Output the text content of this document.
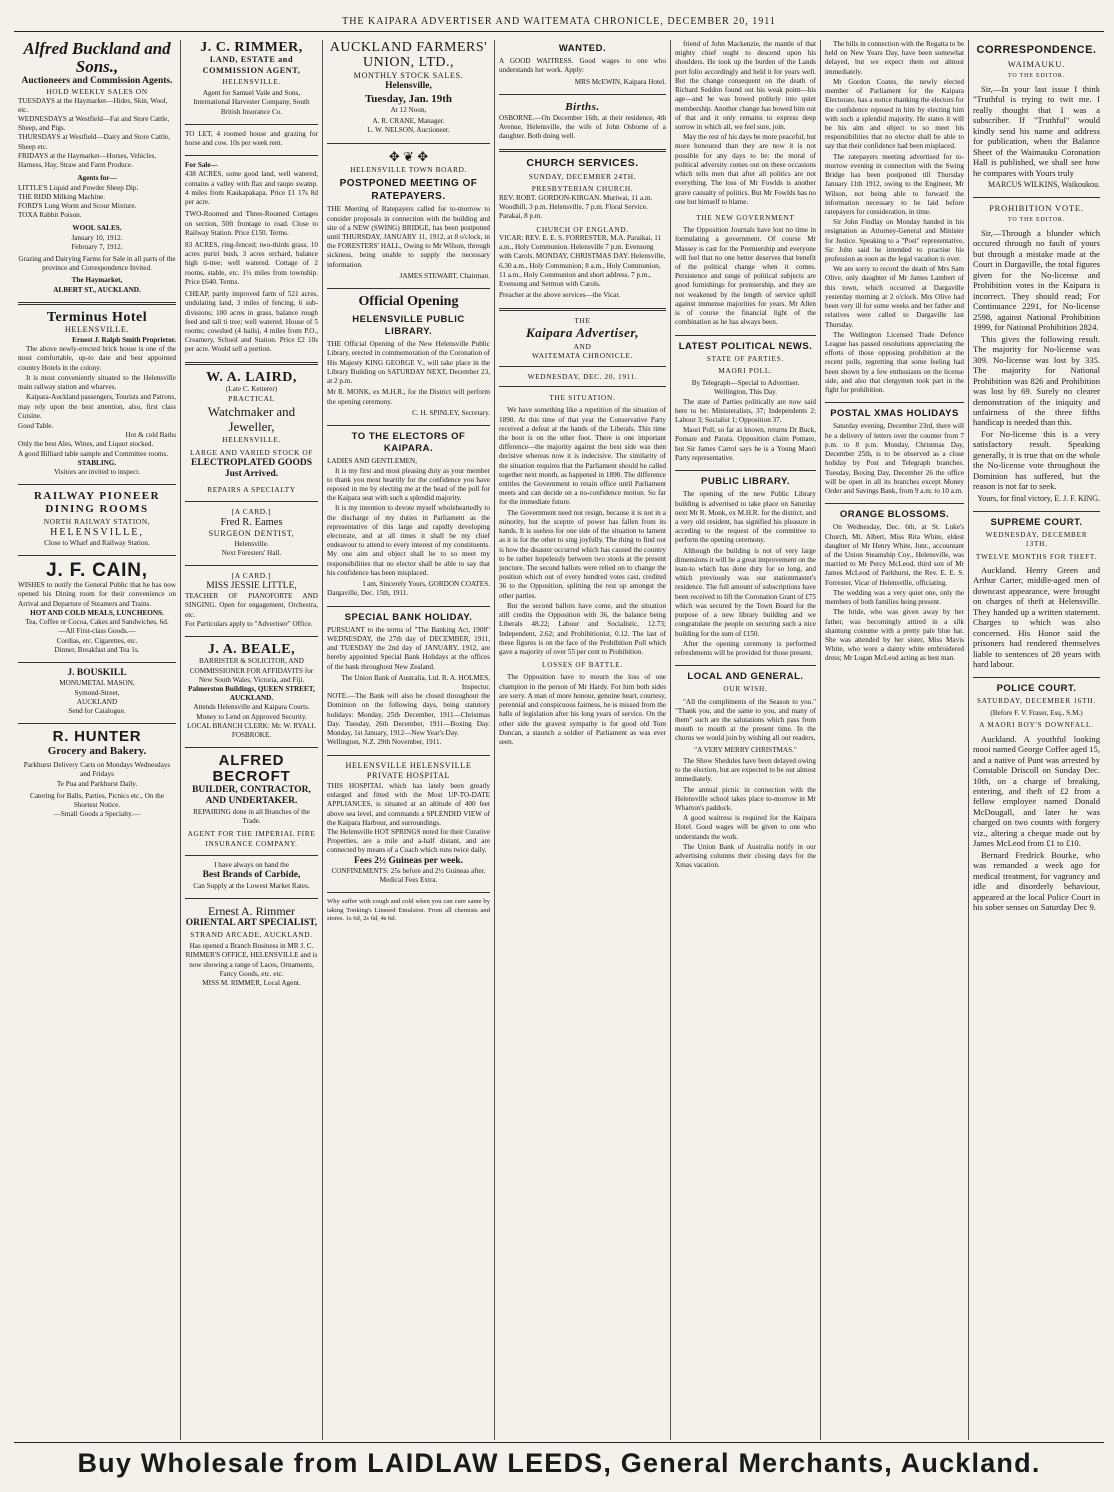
THE KAIPARA ADVERTISER AND WAITEMATA CHRONICLE, DECEMBER 20, 1911
Alfred Buckland and Sons.,
Auctioneers and Commission Agents.
HOLD WEEKLY SALES ON
TUESDAYS at the Haymarket—Hides, Skin, Wool, etc.
WEDNESDAYS at Westfield—Fat and Store Cattle, Sheep, and Pigs.
THURSDAYS at Westfield—Dairy and Store Cattle, Sheep etc.
FRIDAYS at the Haymarket—Horses, Vehicles, Harness, Hay, Straw and Farm Produce.
Agents for—
LITTLE'S Liquid and Powder Sheep Dip.
THE RIDD Milking Machine.
FORD'S Lung Worm and Scour Mixture.
TOXA Rabbit Poison.
WOOL SALES.
January 10, 1912.
February 7, 1912.
Grazing and Dairying Farms for Sale in all parts of the province and Correspondence Invited.
The Haymarket,
ALBERT ST., AUCKLAND.
Terminus Hotel
HELENSVILLE.
Ernest J. Ralph Smith Proprietor.

The above newly-erected brick house is one of the most comfortable, up-to date and best appointed country Hotels in the colony.

It is most conveniently situated to the Helensville main railway station and wharves.

Kaipara-Auckland passengers, Tourists and Patrons, may rely upon the best attention, also, first class Cuisine.

Good Table.
Hot & cold Baths
Only the best Ales, Wines, and Liquor stocked.
A good Billiard table sample and Committee rooms.
STABLING.
Visitors are invited to inspect.
RAILWAY PIONEER DINING ROOMS
NORTH RAILWAY STATION,
HELENSVILLE,
Close to Wharf and Railway Station.
J. F. CAIN,
WISHES to notify the General Public that he has now opened his Dining room for their convenience on Arrival and Departure of Steamers and Trains.
HOT AND COLD MEALS, LUNCHEONS.
Tea, Coffee or Cocoa, Cakes and Sandwiches, 6d.
—All First-class Goods.—
Cordias, etc. Cigarettes, etc.
Dinner, Breakfast and Tea 1s.
J. BOUSKILL
MONUMETAL MASON,
Symond-Street,
AUCKLAND
Send for Catalogue.
R. HUNTER
Grocery and Bakery.
Parkhurst Delivery Carts on Mondays Wednesdays and Fridays
Te Pua and Parkhurst Daily.
Catering for Balls, Parties, Picnics etc., On the Shortest Notice.
—Small Goods a Specialty.—
J. C. RIMMER,
LAND, ESTATE and COMMISSION AGENT,
HELENSVILLE.
Agent for Samuel Vaile and Sons, International Harvester Company, South British Insurance Co.
TO LET, 4 roomed house and grazing for horse and cow. 10s per week rent.
For Sale—
438 ACRES, some good land, well watered, contains a valley with flax and raupo swamp. 4 miles from Kaukapakapa. Price £1 17s 8d per acre.
TWO-Roomed and Three-Roomed Cottages on section, 50ft frontage to road. Close to Railway Station. Price £150. Terms.
83 ACRES, ring-fenced; two-thirds grass. 10 acres puriri bush, 3 acres orchard, balance high ti-tree; well watered. Cottage of 2 rooms, stable, etc. 1½ miles from township. Price £640. Terms.
CHEAP, partly improved farm of 521 acres, undulating land, 3 miles of fencing, 6 sub-divisions; 100 acres in grass, balance rough feed and tall ti tree; well watered. House of 5 rooms; cowshed (4 bails), 4 miles from P.O., Creamery, School and Station. Price £2 10s per acre. Would sell a portion.
W. A. LAIRD,
(Late C. Ketterer)
PRACTICAL
Watchmaker and Jeweller,
HELENSVILLE.
LARGE AND VARIED STOCK OF
ELECTROPLATED GOODS Just Arrived.
REPAIRS A SPECIALTY
[A CARD.]
Fred R. Eames
SURGEON DENTIST,
Helensville.
Next Foresters' Hall.
[A CARD.]
MISS JESSIE LITTLE,
TEACHER OF PIANOFORTE AND SINGING. Open for engagement, Orchestra, etc.
For Particulars apply to "Advertiser" Office.
J. A. BEALE,
BARRISTER & SOLICITOR, AND COMMISSIONER FOR AFFIDAVITS for New South Wales, Victoria, and Fiji.
Palmerston Buildings, QUEEN STREET, AUCKLAND.
Attends Helensville and Kaipara Courts.
Money to Lend on Approved Security.
LOCAL BRANCH CLERK: Mr. W. RYALL FOSBROKE.
ALFRED BECROFT
BUILDER, CONTRACTOR, AND UNDERTAKER.
REPAIRING done in all Branches of the Trade.
AGENT FOR THE IMPERIAL FIRE INSURANCE COMPANY.
I have always on hand the
Best Brands of Carbide,
Can Supply at the Lowest Market Rates.
Ernest A. Rimmer
ORIENTAL ART SPECIALIST,
STRAND ARCADE, AUCKLAND.
Has opened a Branch Business in MR J. C. RIMMER'S OFFICE, HELENSVILLE and is now showing a range of Laces, Ornaments, Fancy Goods, etc. etc.
MISS M. RIMMER, Local Agent.
AUCKLAND FARMERS' UNION, LTD.,
MONTHLY STOCK SALES.
Helensville,
Tuesday, Jan. 19th
At 12 Noon,
A. R. CRANE, Manager.
L. W. NELSON, Auctioneer.
✥ ❦ ✥
HELENSVILLE TOWN BOARD.
POSTPONED MEETING OF RATEPAYERS.
THE Meeting of Ratepayers called for to-morrow to consider proposals in connection with the building and site of a NEW (SWING) BRIDGE, has been postponed until THURSDAY, JANUARY 11, 1912, at 8 o'clock, in the FORESTERS' HALL, Owing to Mr Wilson, through sickness, being unable to supply the necessary information.
JAMES STEWART, Chairman.
Official Opening
HELENSVILLE PUBLIC LIBRARY.
THE Official Opening of the New Helensville Public Library, erected in commemoration of the Coronation of His Majesty KING GEORGE V., will take place in the Library Building on SATURDAY NEXT, December 23, at 2 p.m.
Mr R. MONK, ex M.H.R., for the District will perform the opening ceremony.
C. H. SPINLEY, Secretary.
TO THE ELECTORS OF KAIPARA.
LADIES AND GENTLEMEN,

It is my first and most pleasing duty as your member to thank you most heartily for the confidence you have reposed in me by electing me at the head of the poll for the Kaipara seat with such a splendid majority.

It is my intention to devote myself wholeheartedly to the discharge of my duties in Parliament as the representative of this large and rapidly developing electorate, and at all times it shall be my chief endeavour to attend to every interest of my constituents. My one aim and object shall be to so meet my responsibilities that no elector shall be able to say that his confidence has been misplaced.

I am, Sincerely Yours, GORDON COATES.
Dargaville, Dec. 15th, 1911.
SPECIAL BANK HOLIDAY.
PURSUANT to the terms of "The Banking Act, 1908" WEDNESDAY, the 27th day of DECEMBER, 1911, and TUESDAY the 2nd day of JANUARY, 1912, are hereby appointed Special Bank Holidays at the offices of the bank throughout New Zealand.
The Union Bank of Australia, Ltd. R. A. HOLMES, Inspector.
NOTE.—The Bank will also be closed throughout the Dominion on the following days, being statutory holidays: Monday, 25th December, 1911—Christmas Day. Tuesday, 26th December, 1911—Boxing Day. Monday, 1st January, 1912—New Year's Day.
Wellington, N.Z. 29th November, 1911.
HELENSVILLE HELENSVILLE PRIVATE HOSPITAL
THIS HOSPITAL which has lately been greatly enlarged and fitted with the Most UP-TO-DATE APPLIANCES, is situated at an altitude of 400 feet above sea level, and commands a SPLENDID VIEW of the Kaipara Harbour, and surroundings.
The Helensville HOT SPRINGS noted for their Curative Properties, are a mile and a-half distant, and are connected by means of a Coach which runs twice daily.
Fees 2½ Guineas per week.
CONFINEMENTS: 25s before and 2½ Guineas after.
Medical Fees Extra.
Why suffer with cough and cold when you can cure same by taking Tonking's Linseed Emulsion. From all chemists and stores. 1s 6d, 2s 6d, 4s 6d.
WANTED.
A GOOD WAITRESS. Good wages to one who understands her work. Apply:
MRS McEWIN, Kaipara Hotel.
Births.
OSBORNE.—On December 16th, at their residence, 4th Avenue, Helensville, the wife of John Osborne of a daughter. Both doing well.
CHURCH SERVICES.
SUNDAY, DECEMBER 24TH.
PRESBYTERIAN CHURCH.
REV. ROBT. GORDON-KIRGAN. Muriwai, 11 a.m. Woodhill, 3 p.m. Helensville, 7 p.m. Floral Service. Parakai, 8 p.m.
CHURCH OF ENGLAND.
VICAR: REV. E. E. S. FORRESTER, M.A. Paraikai, 11 a.m., Holy Communion. Helensville 7 p.m. Evensong with Carols. MONDAY, CHRISTMAS DAY. Helensville, 6.30 a.m., Holy Communion; 8 a.m., Holy Communion, 11 a.m., Holy Communion and short address. 7 p.m., Evensong and Sermon with Carols.
Preacher at the above services—the Vicar.
THE
Kaipara Advertiser,
AND
WAITEMATA CHRONICLE.
WEDNESDAY, DEC. 20, 1911.
THE SITUATION.

We have something like a repetition of the situation of 1890. At this time of that year the Conservative Party received a defeat at the hands of the Liberals. This time the boot is on the other foot. There is one important difference—the majority against the best side was then decisive whereas now it is indecisive. The similarity of the situation requires that the Parliament should be called together next month, as happened in 1890. The difference entitles the Government to retain office until Parliament meets and can decide on a no-confidence motion. So far for the immediate future.

The Government need not resign, because it is not in a minority, but the sceptre of power has fallen from its hands. It is useless for one side of the situation to lament as it is for the other to sing joyfully. The thing to find out is how the disaster occurred which has caused the country to be rather hopelessly between two stools at the present juncture. The second ballots were relied on to change the position which out of every hundred votes cast, credited 36 to the Opposition, splitting the rest up amongst the other parties.

But the second ballots have come, and the situation still credits the Opposition with 36, the balance being Liberals 48.22; Labour and Socialistic, 12.73; Independent, 2.62; and Prohibitionist, 0.12. The last of these figures is on the face of the Prohibition Poll which gave a majority of over 55 per cent to Prohibition.

LOSSES OF BATTLE.

The Opposition have to mourn the loss of one champion in the person of Mr Hardy. For him both sides are sorry. A man of more honour, genuine heart, courtesy, perennial and conspicuous fairness, he is missed from the halls of legislation after his long years of service. On the other side the gravest sympathy is for good old Tom Duncan, a staunch a soldier of Parliament as was ever seen.

friend of John Mackenzie, the mantle of that mighty chief ought to descend upon his shoulders. He took up the burden of the Lands port folio accordingly and held it for years well. But the change consequent on the death of Richard Seddon found out his weak point—his age—and he was bowed politely into quiet membership. Another change has bowed him out of that and it only remains to express deep sorrow in which all, we feel sure, join.

May the rest of his days be more peaceful, but more honoured than they are now it is not possible for any days to be: the moral of political adversity comes out on these occasions which tells men that after all politics are not everything. The loss of Mr Fowlds is another grave casualty of politics. But Mr Fowlds has no one but himself to blame.

THE NEW GOVERNMENT

The Opposition Journals have lost no time in formulating a government. Of course Mr Massey is cast for the Premiership and everyone will feel that no one better deserves that benefit of the political change when it comes. Persistence and range of political subjects are good furnishings for premiership, and they are not weakened by the length of service uphill against immense majorities for years. Mr Allen is of course the financial light of the combination as he has always been.

LATEST POLITICAL NEWS.
STATE OF PARTIES.
MAORI POLL.
By Telegraph—Special to Advertiser. Wellington, This Day.

The state of Parties politically are now said here to be: Ministeralists, 37; Independents 2; Labour 3; Socialist 1; Opposition 37.

Maori Poll, so far as known, returns Dr Buck, Pomare and Parata. Opposition claim Pomare, but Sir James Carrol says he is a Young Maori Party representative.

PUBLIC LIBRARY.

The opening of the new Public Library building is advertised to take place on Saturday next Mr R. Monk, ex M.H.R. for the district, and a very old resident, has signified his pleasure in acceding to the request of the committee to perform the opening ceremony.

Although the building is not of very large dimensions it will be a great improvement on the lean-to which has done duty for so long, and which previously was our stationmaster's residence. The full amount of subscriptions have been received to lift the Coronation Grant of £75 which was secured by the Town Board for the purpose of a new library building and we congratulate the people on securing such a nice building for the sum of £150.

After the opening ceremony is performed refreshments will be provided for those present.

LOCAL AND GENERAL.
OUR WISH.

"All the compliments of the Season to you." "Thank you, and the same to you, and many of them" such are the salutations which pass from mouth to mouth at the present time. In the chorus we would join by wishing all our readers,

"A VERY MERRY CHRISTMAS."

The Show Shedules have been delayed owing to the election, but are expected to be out almost immediately.

The annual picnic in connection with the Helensville school takes place to-morrow in Mr Wharton's paddock.

A good waitress is required for the Kaipara Hotel. Good wages will be given to one who understands the work.

The Union Bank of Australia notify in our advertising columns their closing days for the Xmas vacation.

The bills in connection with the Regatta to be held on New Years Day, have been somewhat delayed, but we expect them out almost immediately.

Mr Gordon Coates, the newly elected member of Parliament for the Kaipara Electorate, has a notice thanking the electors for the confidence reposed in him by electing him with such a splendid majority. He states it will be his aim and object to so meet his responsibilities that no elector shall be able to say that their confidence had been misplaced.

The ratepayers meeting advertised for to-morrow evening in connection with the Swing Bridge has been postponed till Thursday January 11th 1912, owing to the Engineer, Mr Wilson, not being able to forward the information necessary to be laid before ratepayers for consideration, in time.

Sir John Findlay on Monday handed in his resignation as Attorney-General and Minister for Justice. Speaking to a "Post" representative, Sir John said he intended to practise his profession as soon as the legal vacation is over.

We are sorry to record the death of Mrs Sam Olive, only daughter of Mr James Lambert of this town, which occurred at Dargaville yesterday morning at 2 o'clock. Mrs Olive had been very ill for some weeks and her father and relatives were called to Dargaville last Thursday.

The Wellington Licensed Trade Defence League has passed resolutions appreciating the efforts of those opposing prohibition at the recent polls, regretting that some feeling had been shown by a few enthusiasts on the license side, and also that clergymen took part in the fight for prohibition.

POSTAL XMAS HOLIDAYS

Saturday evening, December 23rd, there will be a delivery of letters over the counter from 7 p.m. to 8 p.m. Monday, Christmas Day, December 25th, is to be observed as a close holiday by Post and Telegraph branches. Tuesday, Boxing Day, December 26 the office will be open in all its branches except Money Order and Savings Bank, from 9 a.m. to 10 a.m.

ORANGE BLOSSOMS.

On Wednesday, Dec. 6th, at St. Luke's Church, Mt. Albert, Miss Rita White, eldest daughter of Mr Henry White, Junr., accountant of the Union Steamship Coy., Helensville, was married to Mr Percy McLeod, third son of Mr James McLeod of Parkhurst, the Rev. E. E. S. Forrester, Vicar of Helensville, officiating.

The wedding was a very quiet one, only the members of both families being present.

The bride, who was given away by her father, was becomingly attired in a silk shantung costume with a pretty pale blue hat. She was attended by her sister, Miss Mavis White, who wore a dainty white embroidered dress; Mr Logan McLeod acting as best man.

CORRESPONDENCE.
WAIMAUKU.
TO THE EDITOR.

Sir,—In your last issue I think "Truthful is trying to twit me. I really thought that I was a subscriber. If "Truthful" would kindly send his name and address for publication, when the Balance Sheet of the Waimauku Coronation Hall is published, we shall see how he compares with Yours truly

MARCUS WILKINS, Waikoukou.
PROHIBITION VOTE.
TO THE EDITOR.

Sir,—Through a blunder which occured through no fault of yours but through a mistake made at the Court in Dargaville, the total figures given for the No-license and Prohibition votes in the Kaipara is incorrect. They should read; For Continuance 2291, for No-license 2598, against National Prohibition 1999, for National Prohibition 2824.

This gives the following result. The majority for No-license was 309. No-license was lost by 335. The majority for National Prohibition was 826 and Prohibition was lost by 69. Surely no clearer demonstration of the iniquity and unfairness of the three fifths handicap is needed than this.

For No-license this is a very satisfactory result. Speaking generally, it is true that on the whole the No-license vote throughout the Dominion has suffered, but the reason is not far to seek.

Yours, for final victory, E. J. F. KING.
SUPREME COURT.
WEDNESDAY, DECEMBER 13TH.
TWELVE MONTHS FOR THEFT.

Auckland. Henry Green and Arthur Carter, middle-aged men of downcast appearance, were brought on charges of theft at Helensville. They handed up a written statement. Charges to which was also concerned. His Honor said the prisoners had rendered themselves liable to sentences of 28 years with hard labour.

POLICE COURT.
SATURDAY, DECEMBER 16TH.
(Before F. V. Fraser, Esq., S.M.)
A MAORI BOY'S DOWNFALL.

Auckland. A youthful looking mooi named George Coffee aged 15, and a native of Punt was arrested by Constable Driscoll on Sunday Dec. 10th, on a charge of breaking, entering, and theft of £2 from a fellow employee named Donald McDougall, and later he was charged on two counts with forgery viz., altering a cheque made out by James McLeod from £1 to £10.

Bernard Fredrick Bourke, who was remanded a week ago for medical treatment, for vagrancy and idle and disorderly behaviour, appeared at the local Police Court in his sober senses on Saturday Dec 9.

Buy Wholesale from LAIDLAW LEEDS, General Merchants, Auckland.
